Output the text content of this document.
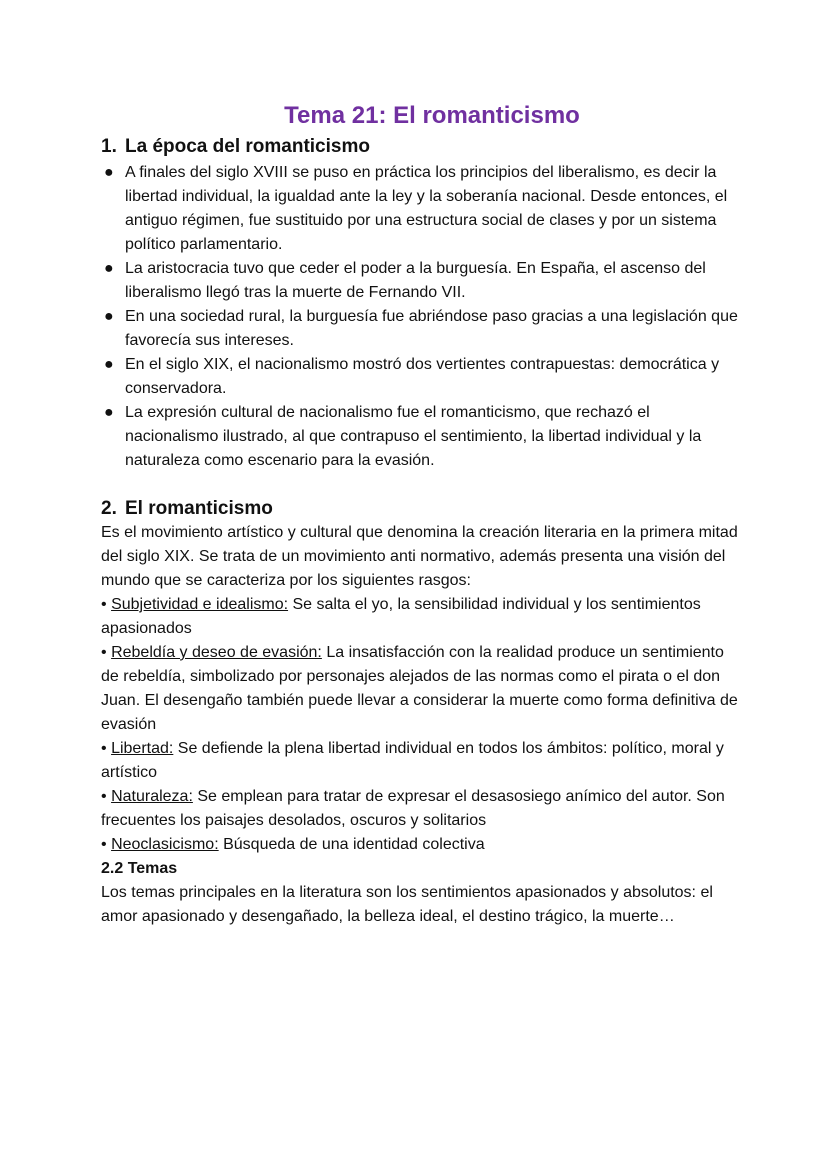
Tema 21: El romanticismo
1. La época del romanticismo
● A finales del siglo XVIII se puso en práctica los principios del liberalismo, es decir la libertad individual, la igualdad ante la ley y la soberanía nacional. Desde entonces, el antiguo régimen, fue sustituido por una estructura social de clases y por un sistema político parlamentario.
● La aristocracia tuvo que ceder el poder a la burguesía. En España, el ascenso del liberalismo llegó tras la muerte de Fernando VII.
● En una sociedad rural, la burguesía fue abriéndose paso gracias a una legislación que favorecía sus intereses.
● En el siglo XIX, el nacionalismo mostró dos vertientes contrapuestas: democrática y conservadora.
● La expresión cultural de nacionalismo fue el romanticismo, que rechazó el nacionalismo ilustrado, al que contrapuso el sentimiento, la libertad individual y la naturaleza como escenario para la evasión.
2. El romanticismo

Es el movimiento artístico y cultural que denomina la creación literaria en la primera mitad del siglo XIX. Se trata de un movimiento anti normativo, además presenta una visión del mundo que se caracteriza por los siguientes rasgos:

• Subjetividad e idealismo: Se salta el yo, la sensibilidad individual y los sentimientos apasionados

• Rebeldía y deseo de evasión: La insatisfacción con la realidad produce un sentimiento de rebeldía, simbolizado por personajes alejados de las normas como el pirata o el don Juan. El desengaño también puede llevar a considerar la muerte como forma definitiva de evasión

• Libertad: Se defiende la plena libertad individual en todos los ámbitos: político, moral y artístico

• Naturaleza: Se emplean para tratar de expresar el desasosiego anímico del autor. Son frecuentes los paisajes desolados, oscuros y solitarios

• Neoclasicismo: Búsqueda de una identidad colectiva

2.2 Temas

Los temas principales en la literatura son los sentimientos apasionados y absolutos: el amor apasionado y desengañado, la belleza ideal, el destino trágico, la muerte…
